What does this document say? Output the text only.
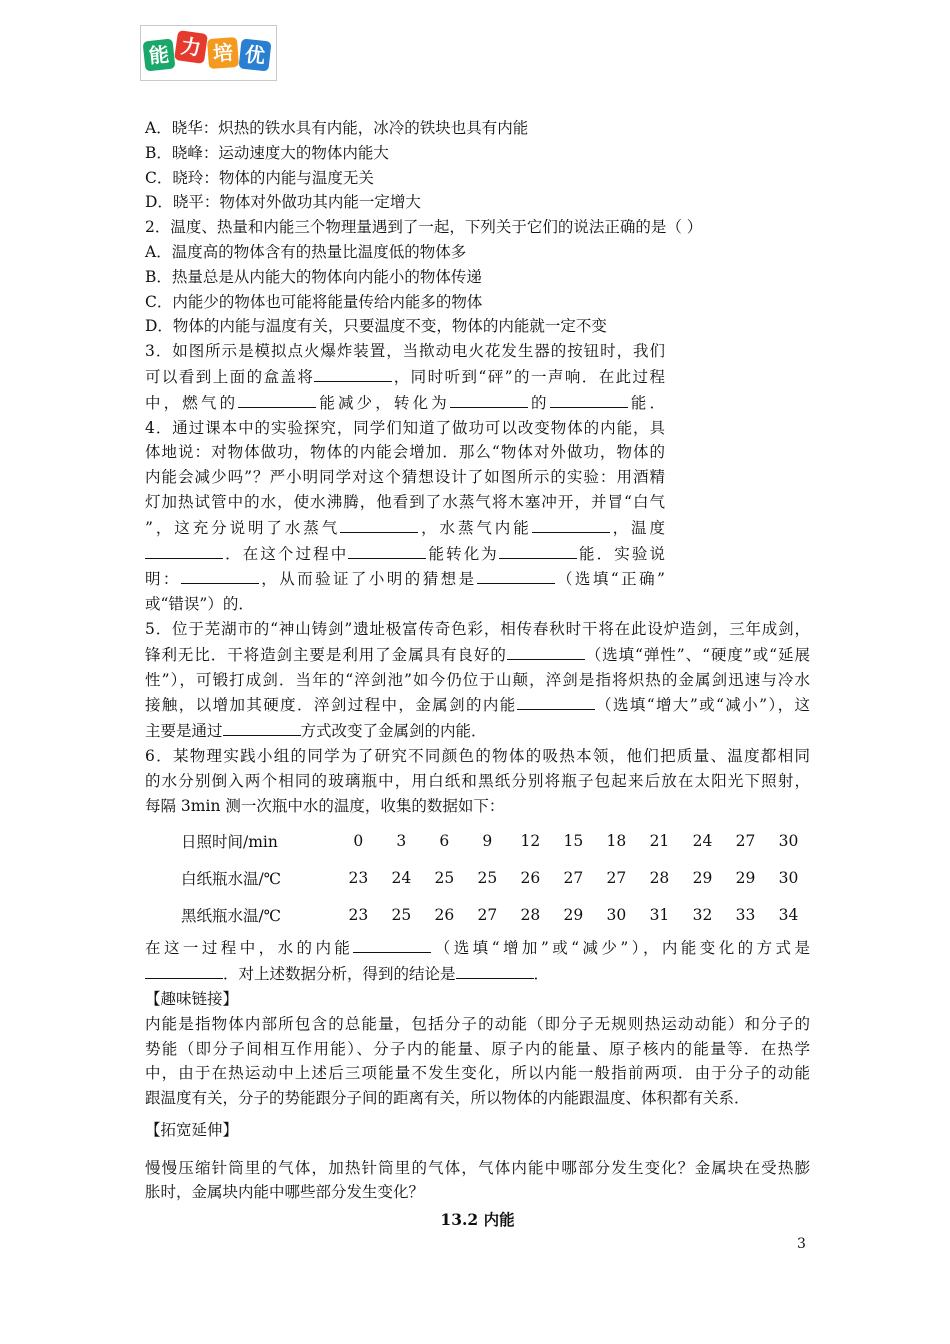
能 力 培 优
A．晓华：炽热的铁水具有内能，冰冷的铁块也具有内能
B．晓峰：运动速度大的物体内能大
C．晓玲：物体的内能与温度无关
D．晓平：物体对外做功其内能一定增大
2．温度、热量和内能三个物理量遇到了一起，下列关于它们的说法正确的是（ ）
A．温度高的物体含有的热量比温度低的物体多
B．热量总是从内能大的物体向内能小的物体传递
C．内能少的物体也可能将能量传给内能多的物体
D．物体的内能与温度有关，只要温度不变，物体的内能就一定不变
3．如图所示是模拟点火爆炸装置，当揿动电火花发生器的按钮时，我们
可以看到上面的盒盖将	，同时听到“砰”的一声响．在此过程
中，燃气的	能减少，转化为	的	能．
4．通过课本中的实验探究，同学们知道了做功可以改变物体的内能，具
体地说：对物体做功，物体的内能会增加．那么“物体对外做功，物体的
内能会减少吗”？严小明同学对这个猜想设计了如图所示的实验：用酒精
灯加热试管中的水，使水沸腾，他看到了水蒸气将木塞冲开，并冒“白气
”，这充分说明了水蒸气	，水蒸气内能	，温度
．在这个过程中	能转化为	能．实验说
明：	，从而验证了小明的猜想是	（选填“正确”
或“错误”）的．
5．位于芜湖市的“神山铸剑”遗址极富传奇色彩，相传春秋时干将在此设炉造剑，三年成剑，
锋利无比．干将造剑主要是利用了金属具有良好的	（选填“弹性”、“硬度”或“延展
性”），可锻打成剑．当年的“淬剑池”如今仍位于山颠，淬剑是指将炽热的金属剑迅速与冷水
接触，以增加其硬度．淬剑过程中，金属剑的内能	（选填“增大”或“减小”），这
主要是通过	方式改变了金属剑的内能．
6．某物理实践小组的同学为了研究不同颜色的物体的吸热本领，他们把质量、温度都相同
的水分别倒入两个相同的玻璃瓶中，用白纸和黑纸分别将瓶子包起来后放在太阳光下照射，
每隔 3min 测一次瓶中水的温度，收集的数据如下：
日照时间/min	0	3	6	9	12	15	18	21	24	27	30
白纸瓶水温/℃	23	24	25	25	26	27	27	28	29	29	30
黑纸瓶水温/℃	23	25	26	27	28	29	30	31	32	33	34
在这一过程中，水的内能	（选填“增加”或“减少”），内能变化的方式是
．对上述数据分析，得到的结论是	．
【趣味链接】
内能是指物体内部所包含的总能量，包括分子的动能（即分子无规则热运动动能）和分子的
势能（即分子间相互作用能）、分子内的能量、原子内的能量、原子核内的能量等．在热学
中，由于在热运动中上述后三项能量不发生变化，所以内能一般指前两项．由于分子的动能
跟温度有关，分子的势能跟分子间的距离有关，所以物体的内能跟温度、体积都有关系．
【拓宽延伸】
慢慢压缩针筒里的气体，加热针筒里的气体，气体内能中哪部分发生变化？金属块在受热膨
胀时，金属块内能中哪些部分发生变化？
13.2 内能
3
